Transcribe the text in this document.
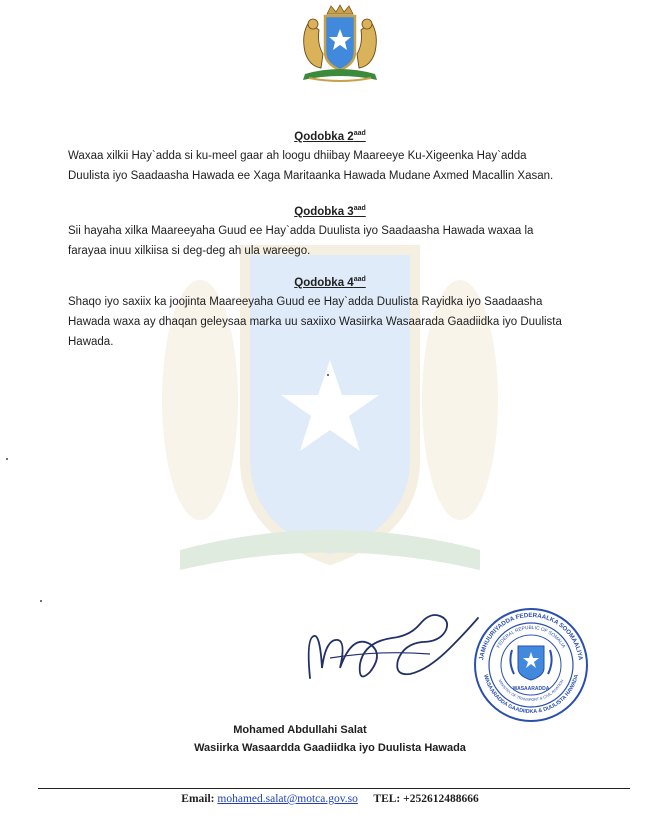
Qodobka $2^{aad}$
Waxaa xilkii Hay`adda si ku-meel gaar ah loogu dhiibay Maareeye Ku-Xigeenka Hay`adda
Duulista iyo Saadaasha Hawada ee Xaga Maritaanka Hawada Mudane Axmed Macallin Xasan.
Qodobka $3^{aad}$
Sii hayaha xilka Maareeyaha Guud ee Hay`adda Duulista iyo Saadaasha Hawada waxaa la
farayaa inuu xilkiisa si deg-deg ah ula wareego.
Qodobka $4^{aad}$
Shaqo iyo saxiix ka joojinta Maareeyaha Guud ee Hay`adda Duulista Rayidka iyo Saadaasha
Hawada waxa ay dhaqan geleysaa marka uu saxiixo Wasiirka Wasaarada Gaadiidka iyo Duulista
Hawada.
JAMHUURIYADDA FEDERAALKA SOOMAALIYA
WASAARADDA GAADIIDKA & DUULISTA HAWADA
FEDERAL REPUBLIC OF SOMALIA
MINISTRY OF TRANSPORT & CIVIL AVIATION
WASAARADDA
Mohamed Abdullahi Salat
Wasiirka Wasaardda Gaadiidka iyo Duulista Hawada
Email: mohamed.salat@motca.gov.so TEL: +252612488666
